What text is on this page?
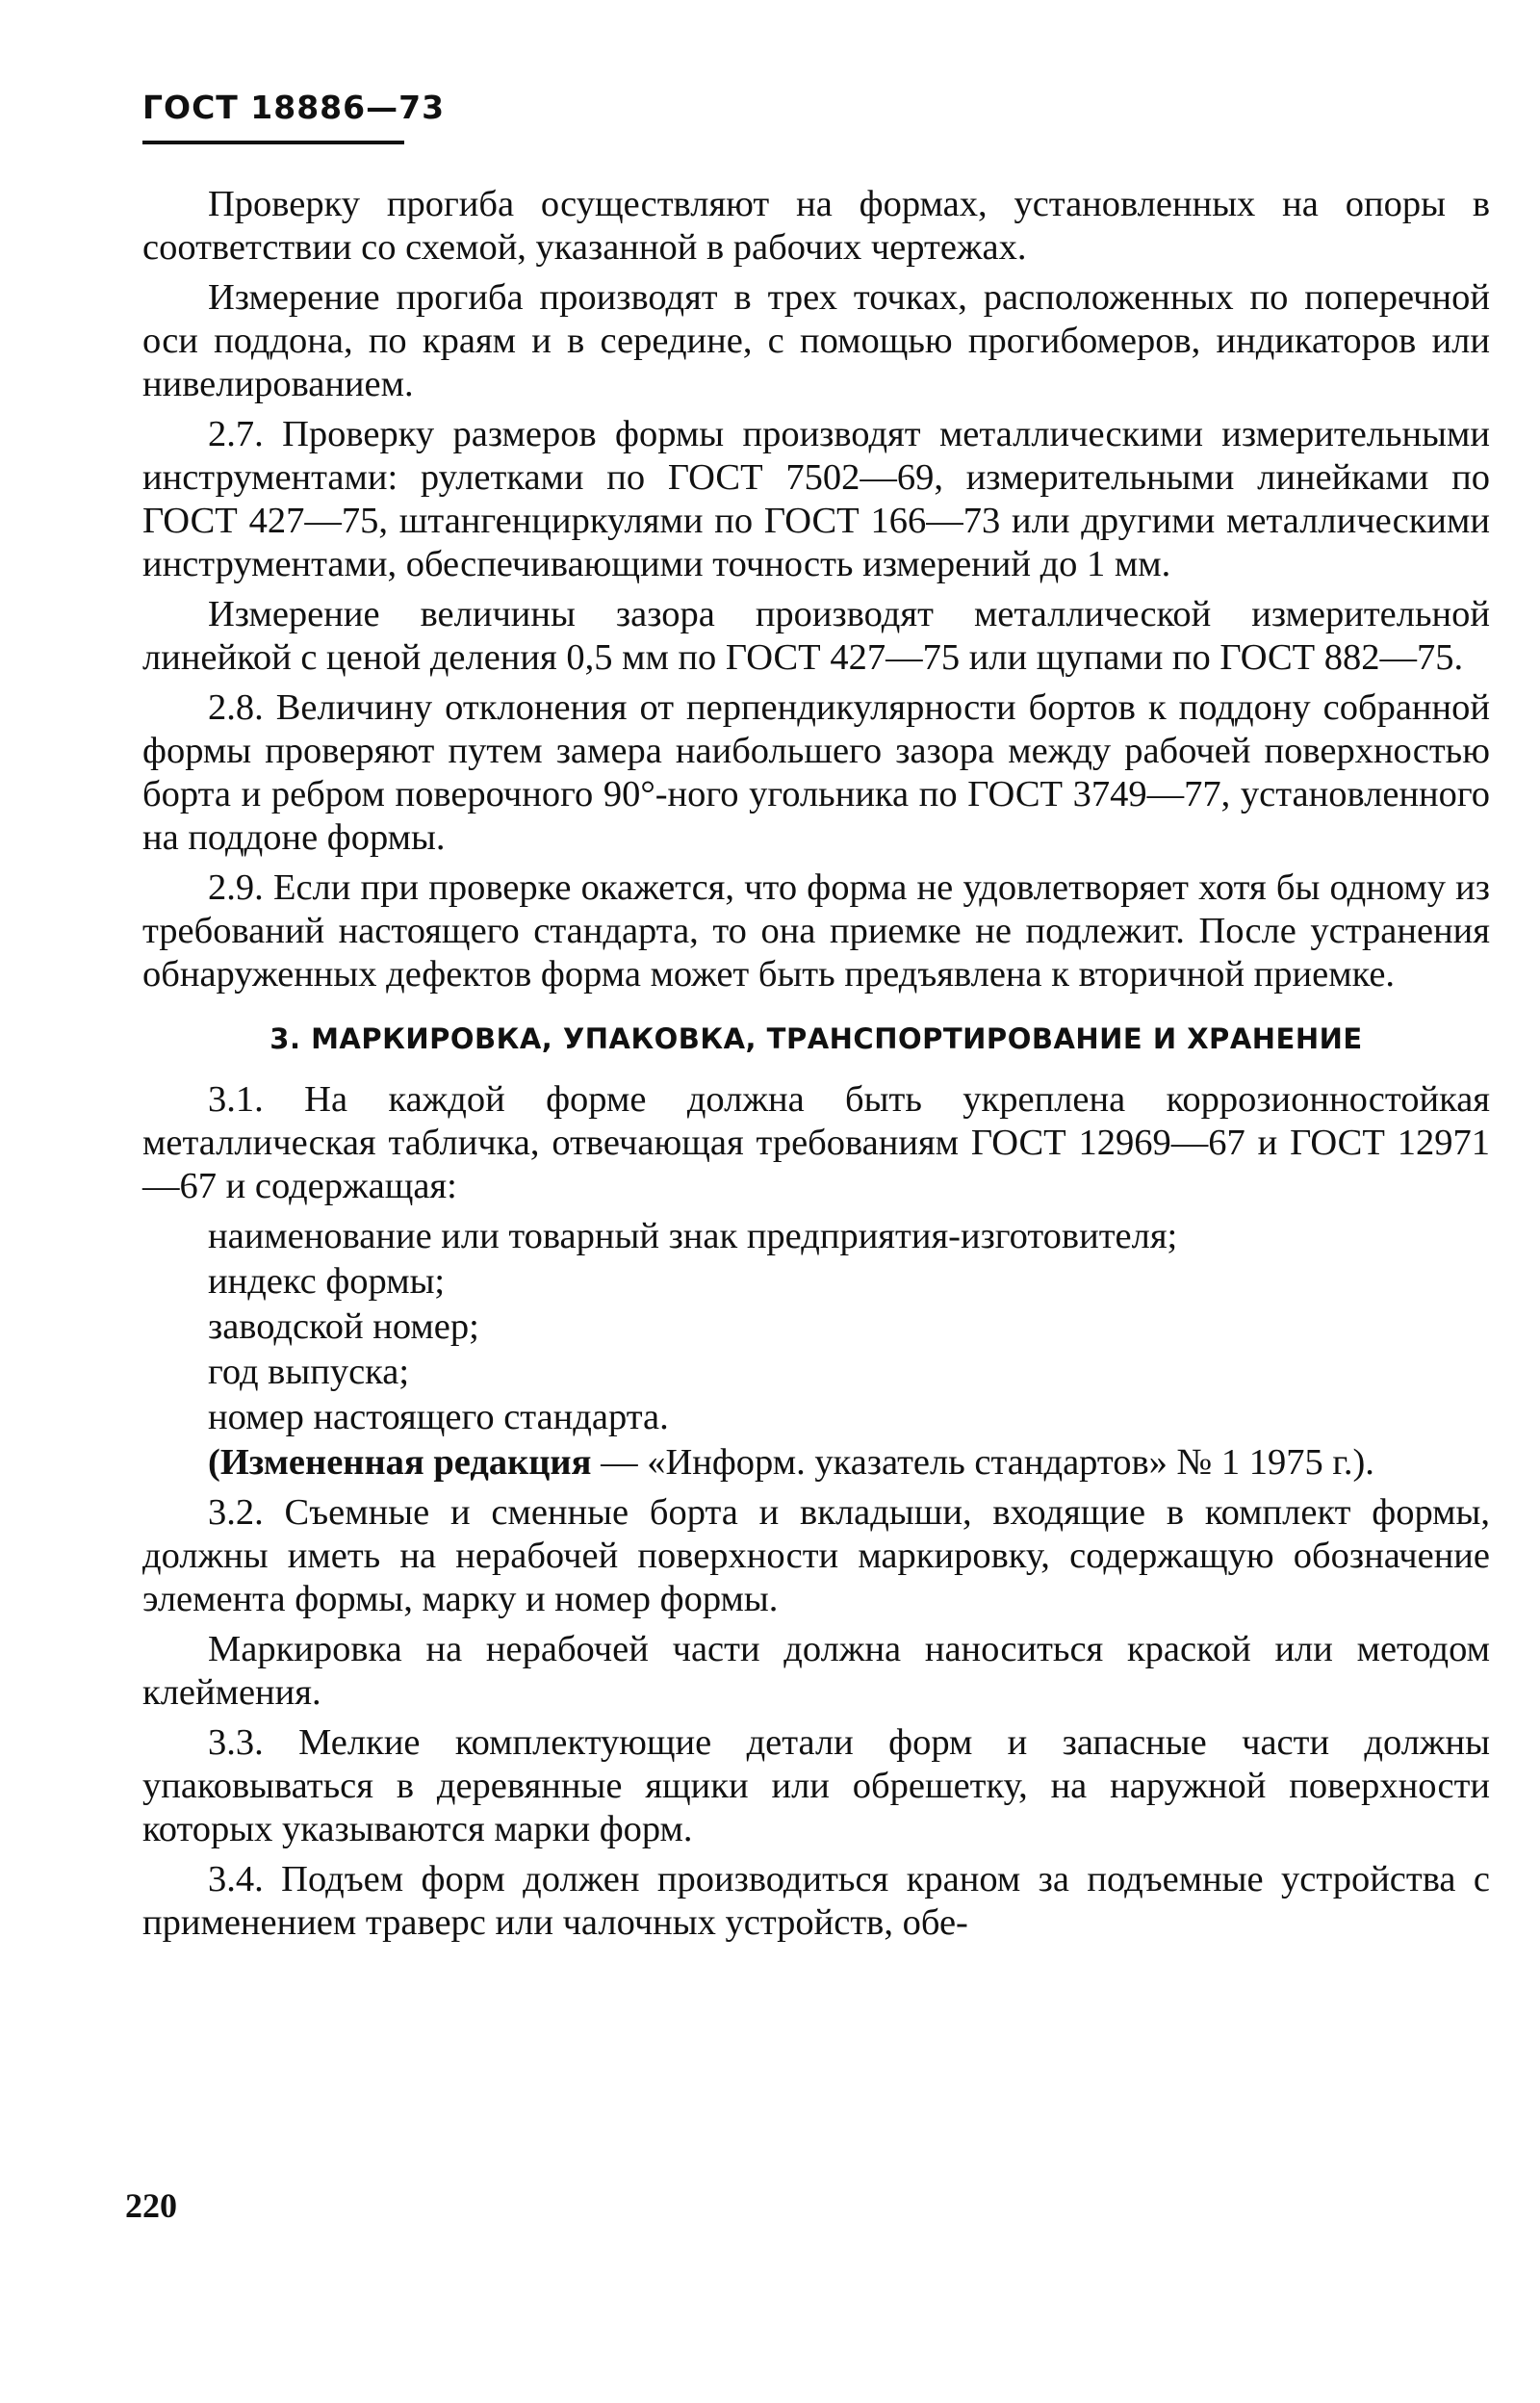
ГОСТ 18886—73

Проверку прогиба осуществляют на формах, установленных на опоры в соответствии со схемой, указанной в рабочих чертежах.

Измерение прогиба производят в трех точках, расположенных по поперечной оси поддона, по краям и в середине, с помощью прогибомеров, индикаторов или нивелированием.

2.7. Проверку размеров формы производят металлическими измерительными инструментами: рулетками по ГОСТ 7502—69, измерительными линейками по ГОСТ 427—75, штангенциркулями по ГОСТ 166—73 или другими металлическими инструментами, обеспечивающими точность измерений до 1 мм.

Измерение величины зазора производят металлической измерительной линейкой с ценой деления 0,5 мм по ГОСТ 427—75 или щупами по ГОСТ 882—75.

2.8. Величину отклонения от перпендикулярности бортов к поддону собранной формы проверяют путем замера наибольшего зазора между рабочей поверхностью борта и ребром поверочного 90°-ного угольника по ГОСТ 3749—77, установленного на поддоне формы.

2.9. Если при проверке окажется, что форма не удовлетворяет хотя бы одному из требований настоящего стандарта, то она приемке не подлежит. После устранения обнаруженных дефектов форма может быть предъявлена к вторичной приемке.

3. МАРКИРОВКА, УПАКОВКА, ТРАНСПОРТИРОВАНИЕ И ХРАНЕНИЕ

3.1. На каждой форме должна быть укреплена коррозионностойкая металлическая табличка, отвечающая требованиям ГОСТ 12969—67 и ГОСТ 12971—67 и содержащая:

наименование или товарный знак предприятия-изготовителя;

индекс формы;

заводской номер;

год выпуска;

номер настоящего стандарта.

(Измененная редакция — «Информ. указатель стандартов» № 1 1975 г.).

3.2. Съемные и сменные борта и вкладыши, входящие в комплект формы, должны иметь на нерабочей поверхности маркировку, содержащую обозначение элемента формы, марку и номер формы.

Маркировка на нерабочей части должна наноситься краской или методом клеймения.

3.3. Мелкие комплектующие детали форм и запасные части должны упаковываться в деревянные ящики или обрешетку, на наружной поверхности которых указываются марки форм.

3.4. Подъем форм должен производиться краном за подъемные устройства с применением траверс или чалочных устройств, обе-

220
